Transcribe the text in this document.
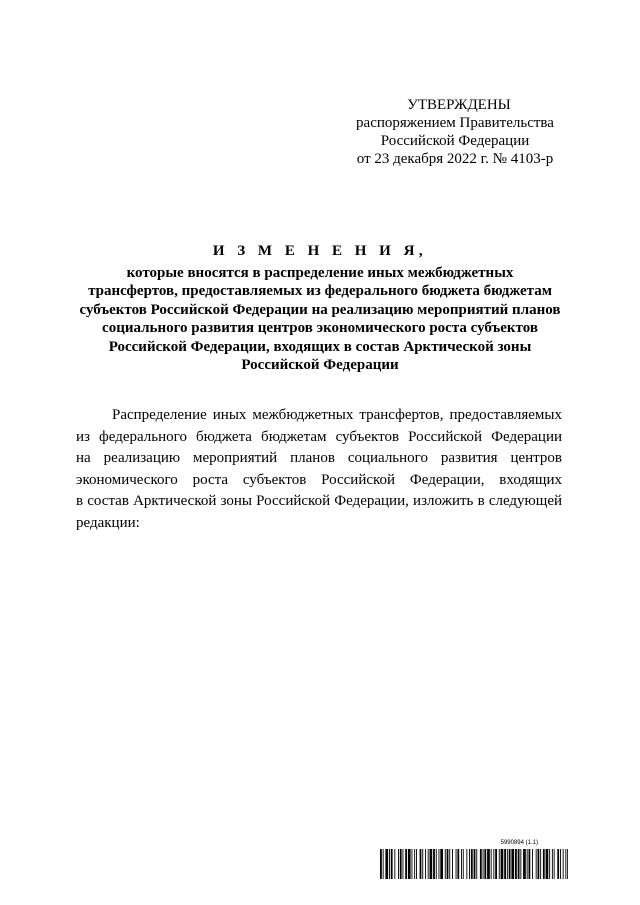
УТВЕРЖДЕНЫ
распоряжением Правительства
Российской Федерации
от 23 декабря 2022 г. № 4103-р
И З М Е Н Е Н И Я,
которые вносятся в распределение иных межбюджетных
трансфертов, предоставляемых из федерального бюджета бюджетам
субъектов Российской Федерации на реализацию мероприятий планов
социального развития центров экономического роста субъектов
Российской Федерации, входящих в состав Арктической зоны
Российской Федерации
Распределение иных межбюджетных трансфертов, предоставляемых
из федерального бюджета бюджетам субъектов Российской Федерации
на реализацию мероприятий планов социального развития центров
экономического роста субъектов Российской Федерации, входящих
в состав Арктической зоны Российской Федерации, изложить в следующей
редакции:
5990894 (1.1)
